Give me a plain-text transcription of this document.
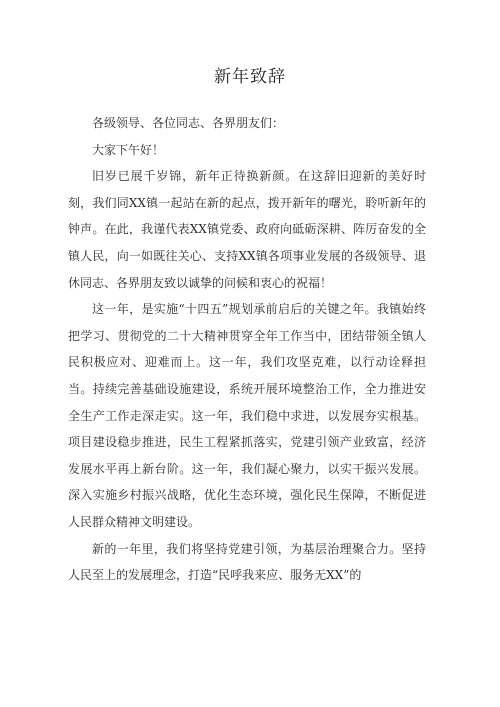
新年致辞

各级领导、各位同志、各界朋友们：

大家下午好！

旧岁已展千岁锦，新年正待换新颜。在这辞旧迎新的美好时刻，我们同XX镇一起站在新的起点，拨开新年的曙光，聆听新年的钟声。在此，我谨代表XX镇党委、政府向砥砺深耕、阵厉奋发的全镇人民，向一如既往关心、支持XX镇各项事业发展的各级领导、退休同志、各界朋友致以诚挚的问候和衷心的祝福！

这一年，是实施“十四五”规划承前启后的关键之年。我镇始终把学习、贯彻党的二十大精神贯穿全年工作当中，团结带领全镇人民积极应对、迎难而上。这一年，我们攻坚克难，以行动诠释担当。持续完善基础设施建设，系统开展环境整治工作，全力推进安全生产工作走深走实。这一年，我们稳中求进，以发展夯实根基。项目建设稳步推进，民生工程紧抓落实，党建引领产业致富，经济发展水平再上新台阶。这一年，我们凝心聚力，以实干振兴发展。深入实施乡村振兴战略，优化生态环境，强化民生保障，不断促进人民群众精神文明建设。

新的一年里，我们将坚持党建引领，为基层治理聚合力。坚持人民至上的发展理念，打造“民呼我来应、服务无XX”的
